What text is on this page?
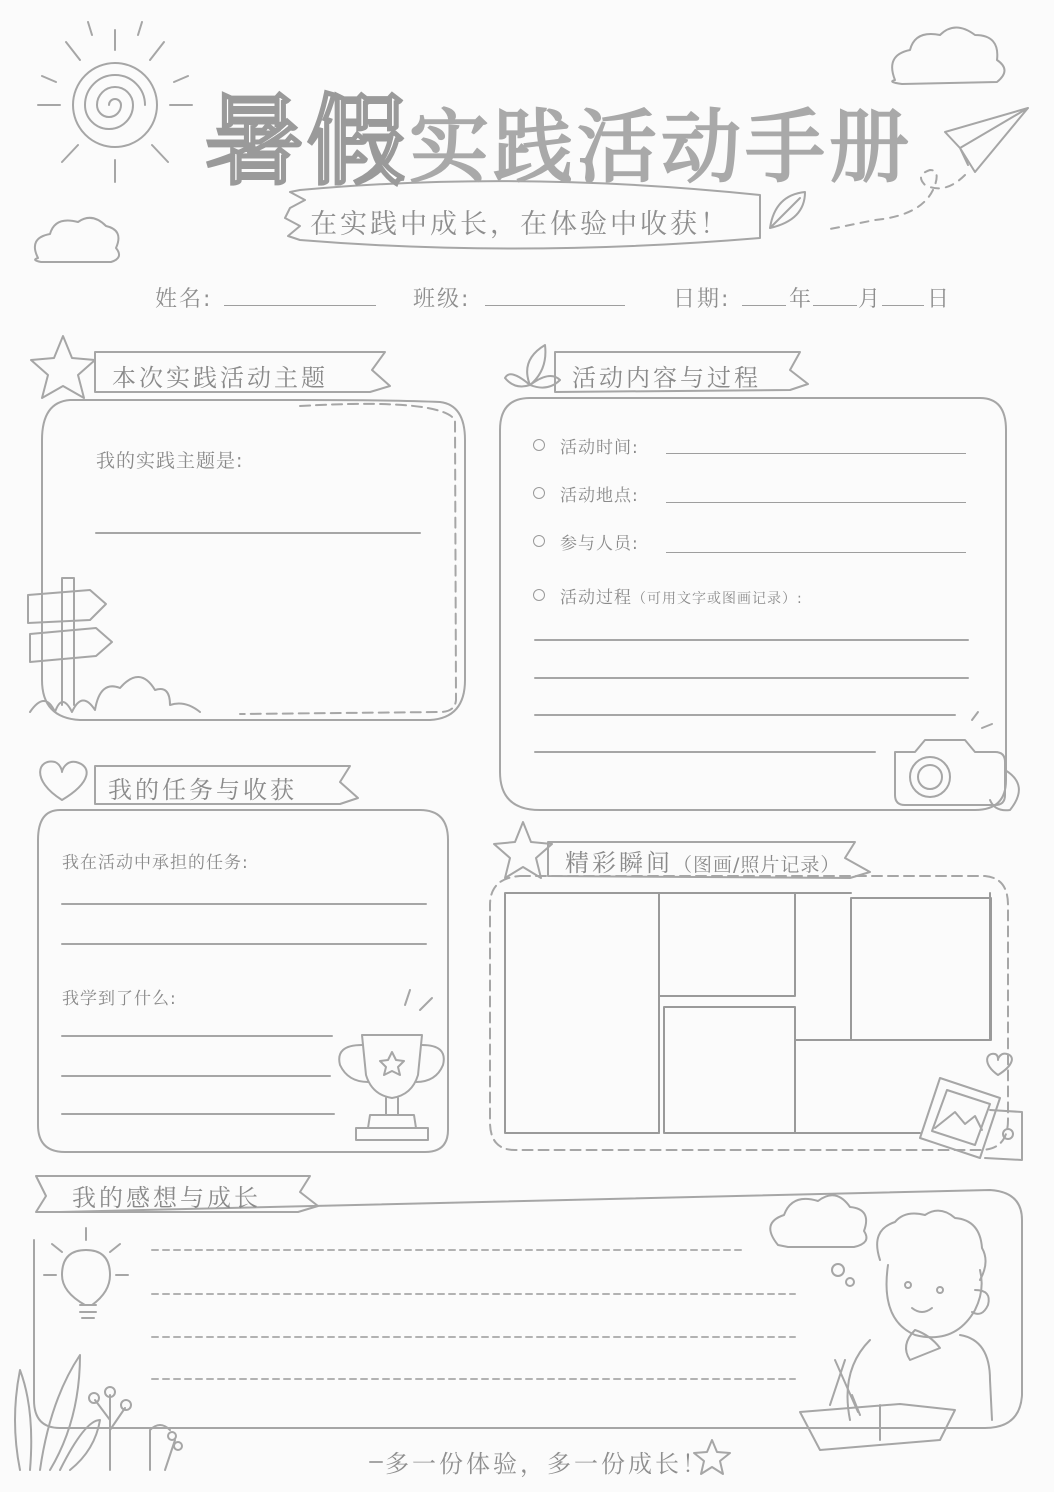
暑假 实践活动手册
在实践中成长，在体验中收获！
姓名:	班级:	日期:	年 月 日
本次实践活动主题
我的实践主题是:
活动内容与过程
活动时间:
活动地点:
参与人员:
活动过程（可用文字或图画记录）:
我的任务与收获
我在活动中承担的任务:
我学到了什么:
精彩瞬间（图画/照片记录）
我的感想与成长
多一份体验，多一份成长！
